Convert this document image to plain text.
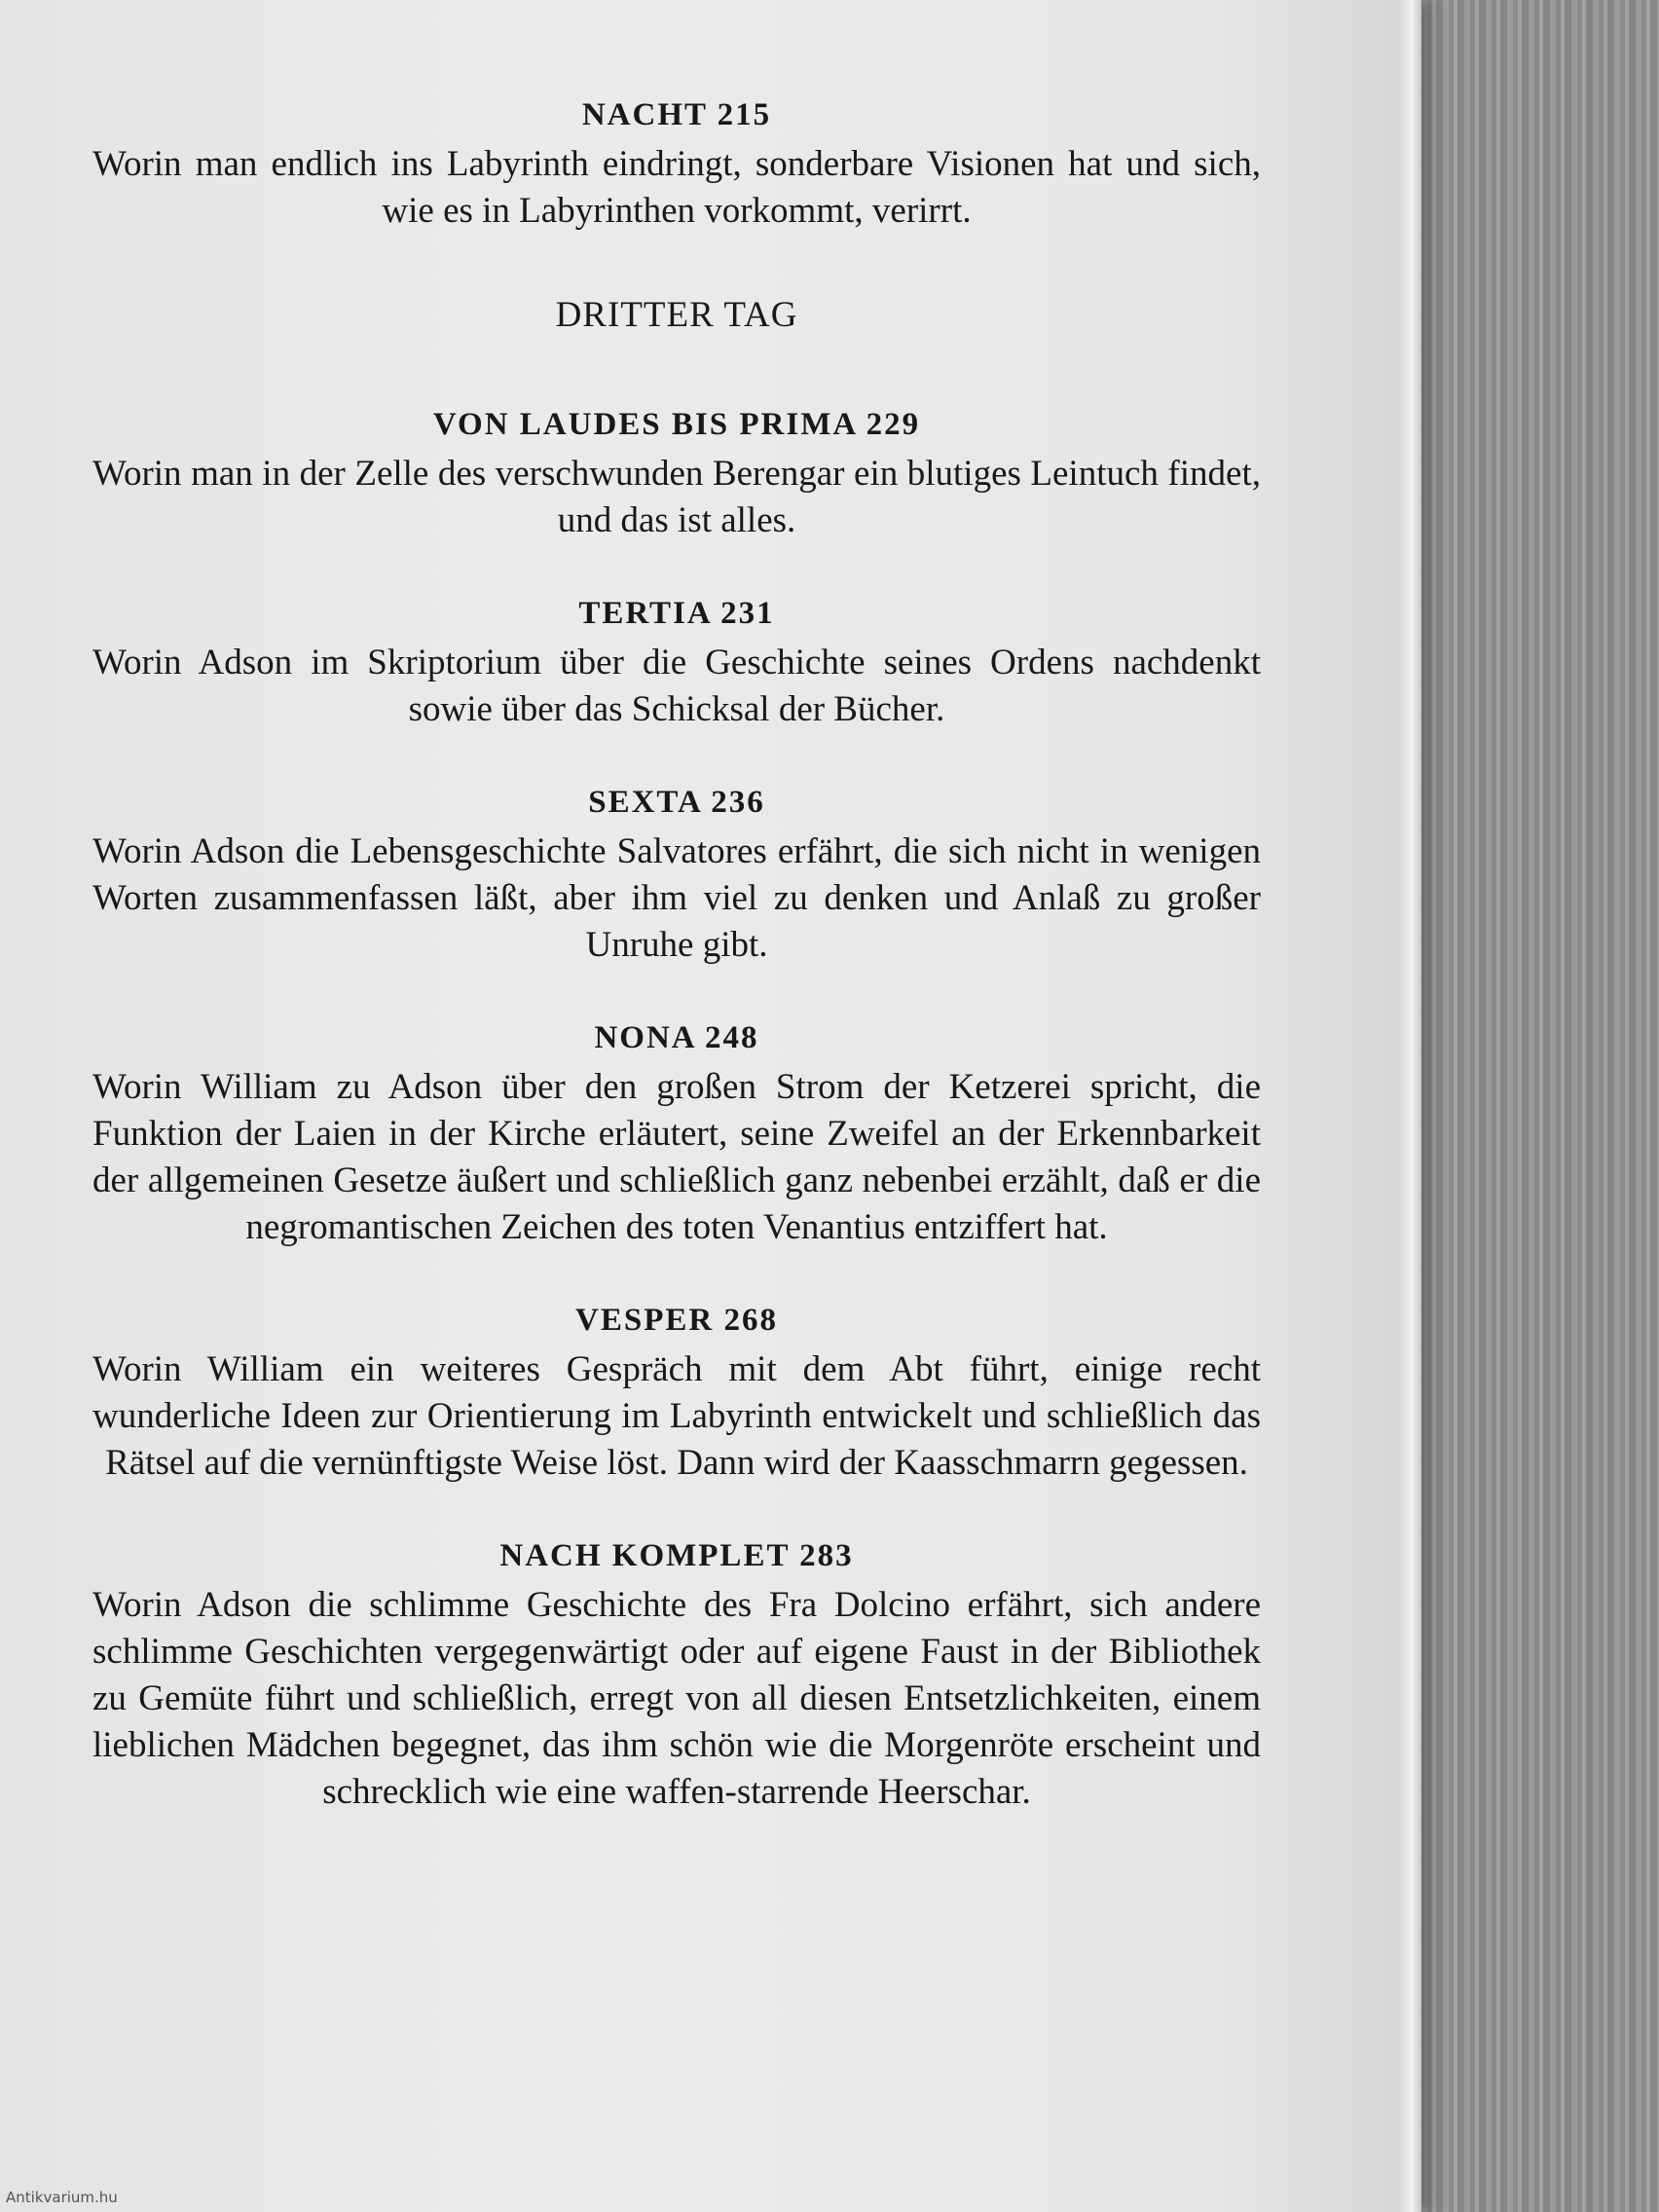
NACHT 215

Worin man endlich ins Labyrinth eindringt, sonderbare Visionen hat und sich, wie es in Labyrinthen vorkommt, verirrt.

DRITTER TAG

VON LAUDES BIS PRIMA 229

Worin man in der Zelle des verschwunden Berengar ein blutiges Leintuch findet, und das ist alles.

TERTIA 231

Worin Adson im Skriptorium über die Geschichte seines Ordens nachdenkt sowie über das Schicksal der Bücher.

SEXTA 236

Worin Adson die Lebensgeschichte Salvatores erfährt, die sich nicht in wenigen Worten zusammenfassen läßt, aber ihm viel zu denken und Anlaß zu großer Unruhe gibt.

NONA 248

Worin William zu Adson über den großen Strom der Ketzerei spricht, die Funktion der Laien in der Kirche erläutert, seine Zweifel an der Erkennbarkeit der allgemeinen Gesetze äußert und schließlich ganz nebenbei erzählt, daß er die negromantischen Zeichen des toten Venantius entziffert hat.

VESPER 268

Worin William ein weiteres Gespräch mit dem Abt führt, einige recht wunderliche Ideen zur Orientierung im Labyrinth entwickelt und schließlich das Rätsel auf die vernünftigste Weise löst. Dann wird der Kaasschmarrn gegessen.

NACH KOMPLET 283

Worin Adson die schlimme Geschichte des Fra Dolcino erfährt, sich andere schlimme Geschichten vergegenwärtigt oder auf eigene Faust in der Bibliothek zu Gemüte führt und schließlich, erregt von all diesen Entsetzlichkeiten, einem lieblichen Mädchen begegnet, das ihm schön wie die Morgenröte erscheint und schrecklich wie eine waffen-starrende Heerschar.

Antikvarium.hu
